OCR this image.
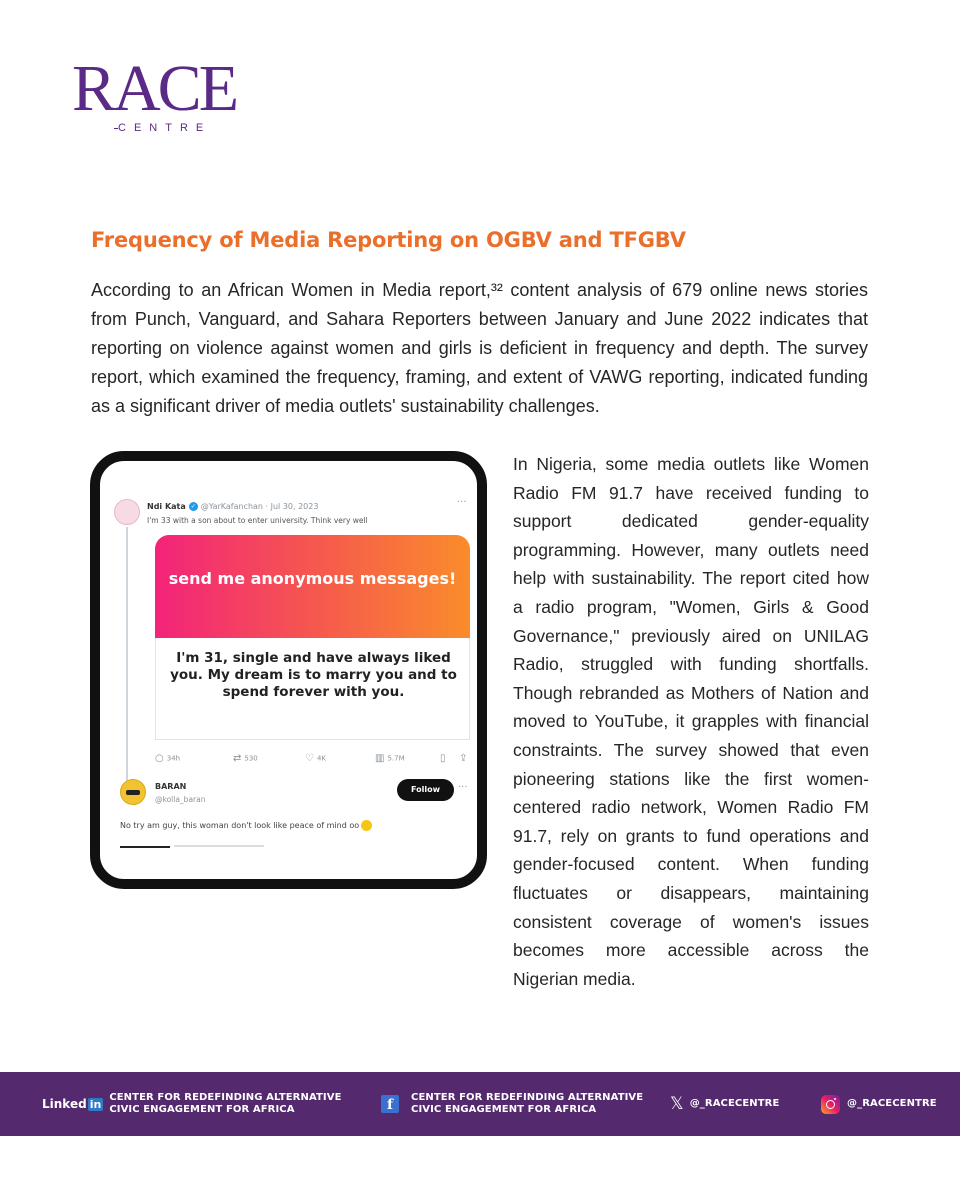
RACE
CENTRE
Frequency of Media Reporting on OGBV and TFGBV

According to an African Women in Media report,³² content analysis of 679 online news stories from Punch, Vanguard, and Sahara Reporters between January and June 2022 indicates that reporting on violence against women and girls is deficient in frequency and depth. The survey report, which examined the frequency, framing, and extent of VAWG reporting, indicated funding as a significant driver of media outlets' sustainability challenges.

Ndi Kata ✓ @YarKafanchan · Jul 30, 2023	···
I'm 33 with a son about to enter university. Think very well
send me anonymous messages!
I'm 31, single and have always liked you. My dream is to marry you and to spend forever with you.
○ 34h	⇄ 530	♡ 4K	▥ 5.7M	▯	⇪
BARAN
@kolla_baran
Follow	···
No try am guy, this woman don't look like peace of mind oo

In Nigeria, some media outlets like Women Radio FM 91.7 have received funding to support dedicated gender-equality programming. However, many outlets need help with sustainability. The report cited how a radio program, "Women, Girls & Good Governance," previously aired on UNILAG Radio, struggled with funding shortfalls. Though rebranded as Mothers of Nation and moved to YouTube, it grapples with financial constraints. The survey showed that even pioneering stations like the first women-centered radio network, Women Radio FM 91.7, rely on grants to fund operations and gender-focused content. When funding fluctuates or disappears, maintaining consistent coverage of women's issues becomes more accessible across the Nigerian media.

Linked in CENTER FOR REDEFINDING ALTERNATIVE
CIVIC ENGAGEMENT FOR AFRICA	f	CENTER FOR REDEFINDING ALTERNATIVE
CIVIC ENGAGEMENT FOR AFRICA	𝕏 @_RACECENTRE	@_RACECENTRE
